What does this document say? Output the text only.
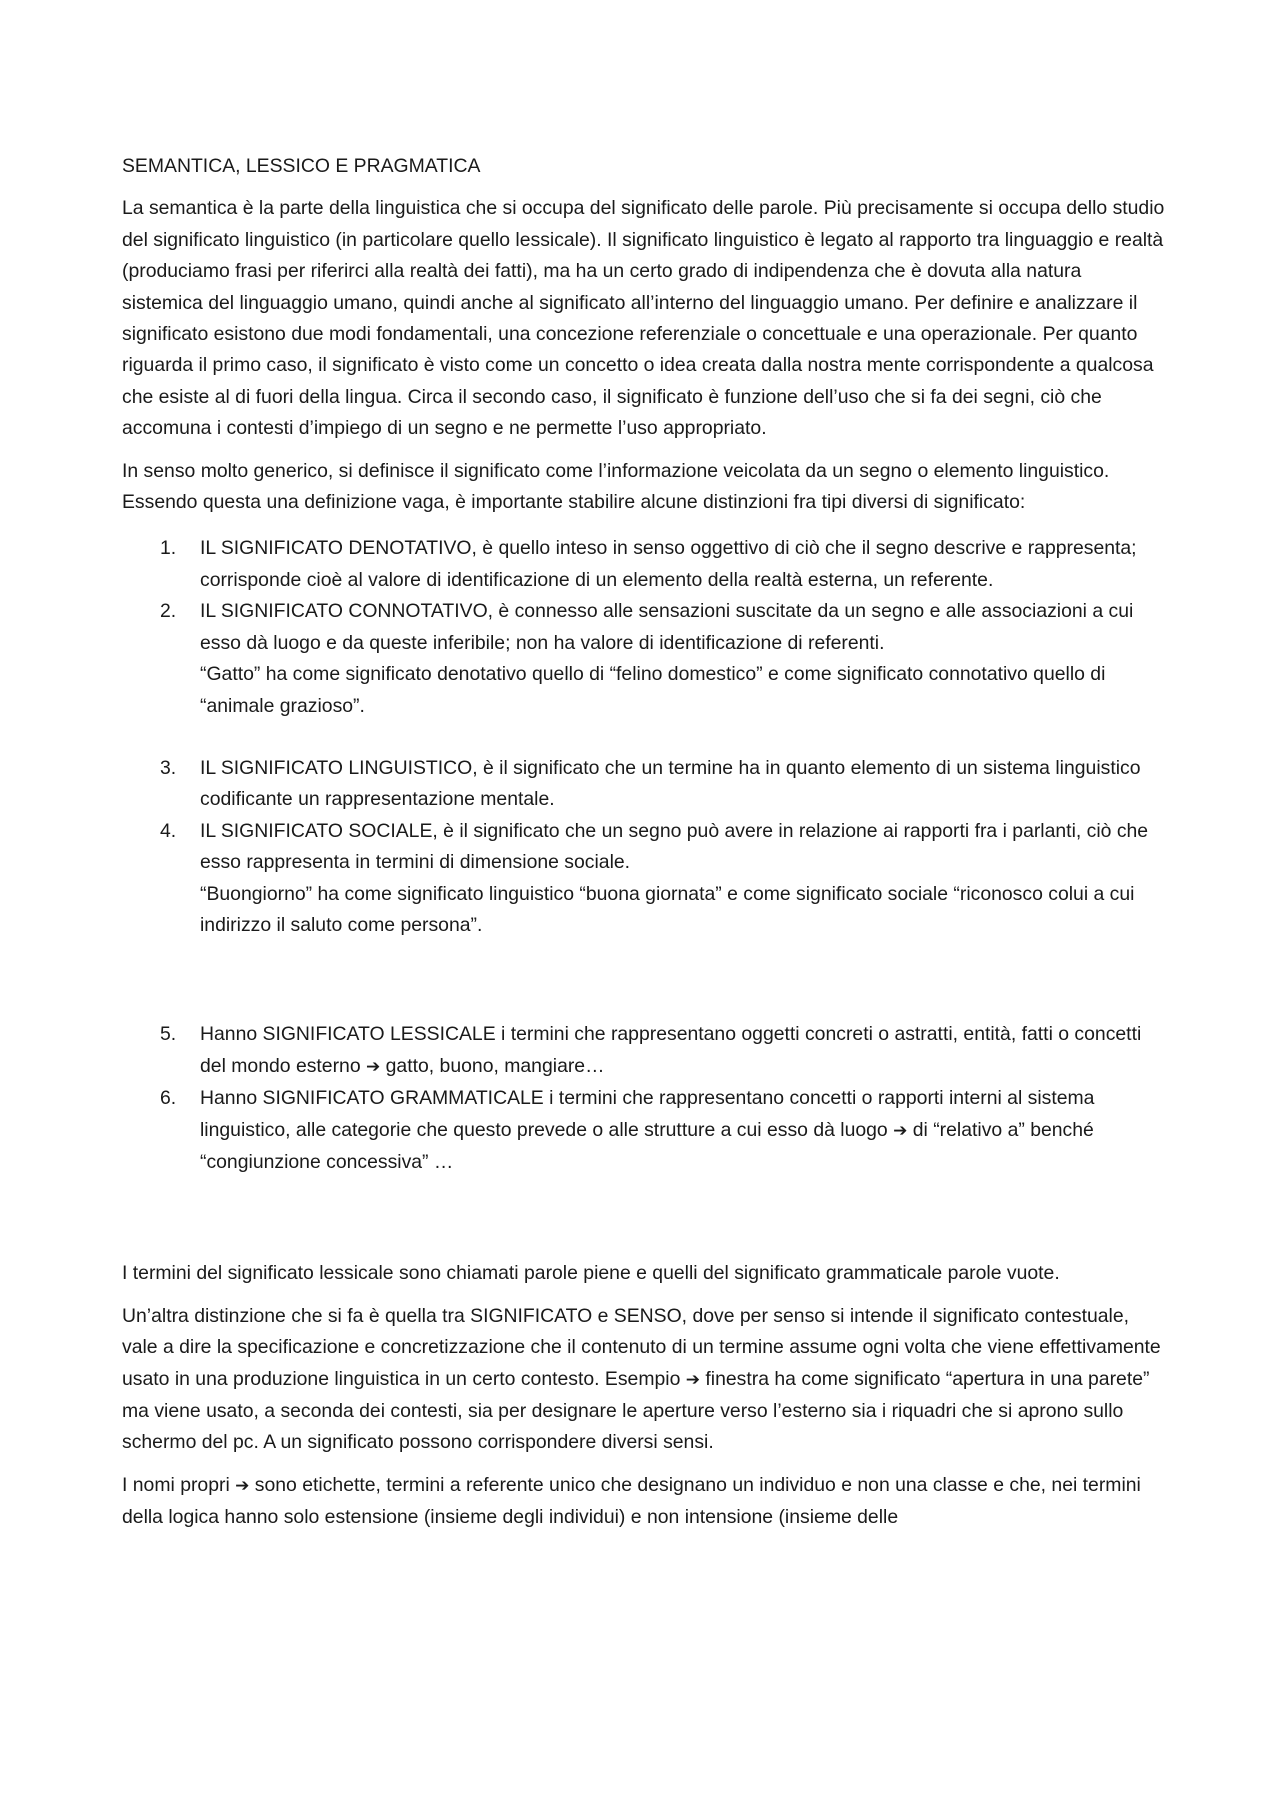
SEMANTICA, LESSICO E PRAGMATICA

La semantica è la parte della linguistica che si occupa del significato delle parole. Più precisamente si occupa dello studio del significato linguistico (in particolare quello lessicale). Il significato linguistico è legato al rapporto tra linguaggio e realtà (produciamo frasi per riferirci alla realtà dei fatti), ma ha un certo grado di indipendenza che è dovuta alla natura sistemica del linguaggio umano, quindi anche al significato all’interno del linguaggio umano. Per definire e analizzare il significato esistono due modi fondamentali, una concezione referenziale o concettuale e una operazionale. Per quanto riguarda il primo caso, il significato è visto come un concetto o idea creata dalla nostra mente corrispondente a qualcosa che esiste al di fuori della lingua. Circa il secondo caso, il significato è funzione dell’uso che si fa dei segni, ciò che accomuna i contesti d’impiego di un segno e ne permette l’uso appropriato.

In senso molto generico, si definisce il significato come l’informazione veicolata da un segno o elemento linguistico. Essendo questa una definizione vaga, è importante stabilire alcune distinzioni fra tipi diversi di significato:

1. IL SIGNIFICATO DENOTATIVO, è quello inteso in senso oggettivo di ciò che il segno descrive e rappresenta; corrisponde cioè al valore di identificazione di un elemento della realtà esterna, un referente.
2. IL SIGNIFICATO CONNOTATIVO, è connesso alle sensazioni suscitate da un segno e alle associazioni a cui esso dà luogo e da queste inferibile; non ha valore di identificazione di referenti.
“Gatto” ha come significato denotativo quello di “felino domestico” e come significato connotativo quello di “animale grazioso”.
3. IL SIGNIFICATO LINGUISTICO, è il significato che un termine ha in quanto elemento di un sistema linguistico codificante un rappresentazione mentale.
4. IL SIGNIFICATO SOCIALE, è il significato che un segno può avere in relazione ai rapporti fra i parlanti, ciò che esso rappresenta in termini di dimensione sociale.
“Buongiorno” ha come significato linguistico “buona giornata” e come significato sociale “riconosco colui a cui indirizzo il saluto come persona”.
5. Hanno SIGNIFICATO LESSICALE i termini che rappresentano oggetti concreti o astratti, entità, fatti o concetti del mondo esterno ➔ gatto, buono, mangiare…
6. Hanno SIGNIFICATO GRAMMATICALE i termini che rappresentano concetti o rapporti interni al sistema linguistico, alle categorie che questo prevede o alle strutture a cui esso dà luogo ➔ di “relativo a” benché “congiunzione concessiva” …

I termini del significato lessicale sono chiamati parole piene e quelli del significato grammaticale parole vuote.

Un’altra distinzione che si fa è quella tra SIGNIFICATO e SENSO, dove per senso si intende il significato contestuale, vale a dire la specificazione e concretizzazione che il contenuto di un termine assume ogni volta che viene effettivamente usato in una produzione linguistica in un certo contesto. Esempio ➔ finestra ha come significato “apertura in una parete” ma viene usato, a seconda dei contesti, sia per designare le aperture verso l’esterno sia i riquadri che si aprono sullo schermo del pc. A un significato possono corrispondere diversi sensi.

I nomi propri ➔ sono etichette, termini a referente unico che designano un individuo e non una classe e che, nei termini della logica hanno solo estensione (insieme degli individui) e non intensione (insieme delle
